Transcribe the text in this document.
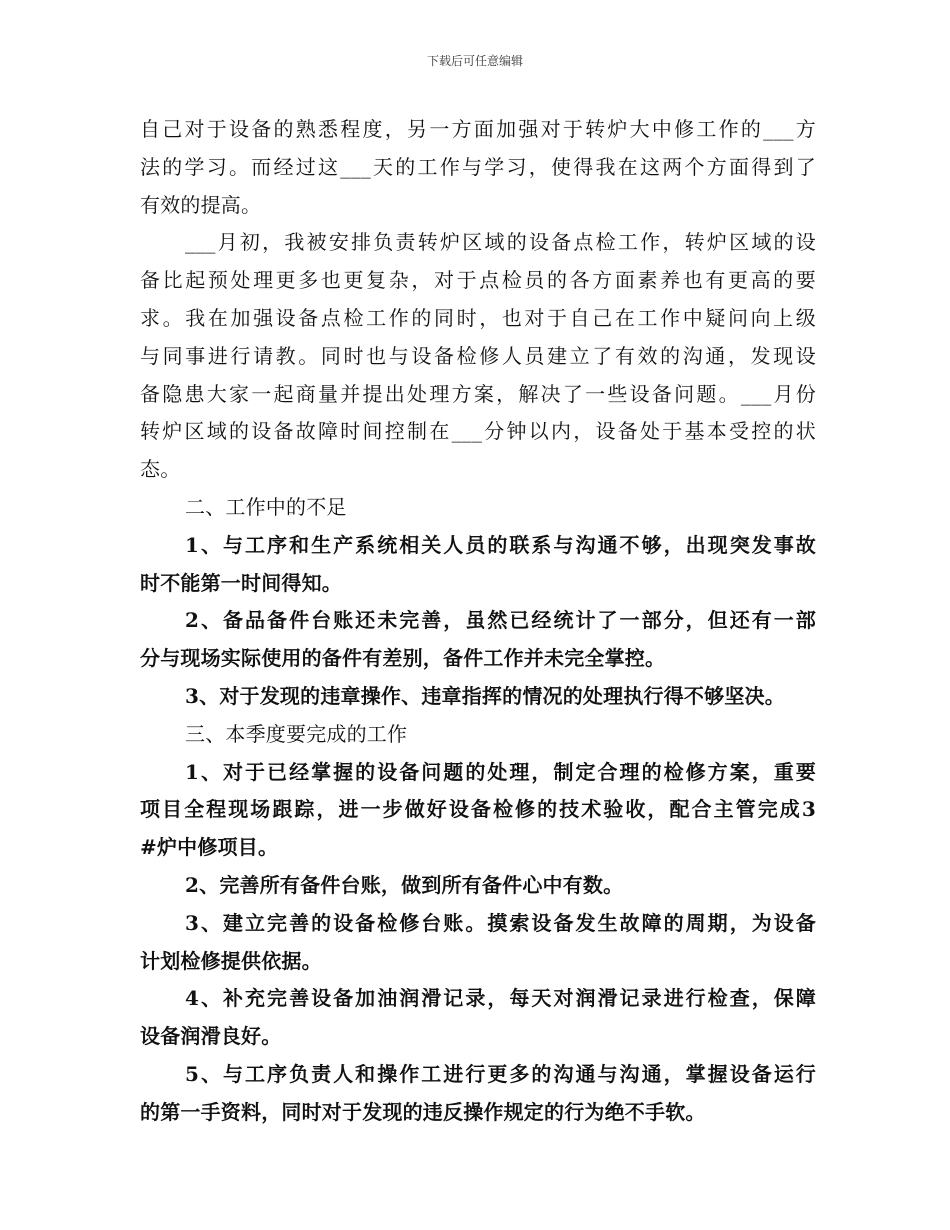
下载后可任意编辑
自己对于设备的熟悉程度，另一方面加强对于转炉大中修工作的___方
法的学习。而经过这___天的工作与学习，使得我在这两个方面得到了
有效的提高。
___月初，我被安排负责转炉区域的设备点检工作，转炉区域的设
备比起预处理更多也更复杂，对于点检员的各方面素养也有更高的要
求。我在加强设备点检工作的同时，也对于自己在工作中疑问向上级
与同事进行请教。同时也与设备检修人员建立了有效的沟通，发现设
备隐患大家一起商量并提出处理方案，解决了一些设备问题。___月份
转炉区域的设备故障时间控制在___分钟以内，设备处于基本受控的状
态。
二、工作中的不足
1、与工序和生产系统相关人员的联系与沟通不够，出现突发事故
时不能第一时间得知。
2、备品备件台账还未完善，虽然已经统计了一部分，但还有一部
分与现场实际使用的备件有差别，备件工作并未完全掌控。
3、对于发现的违章操作、违章指挥的情况的处理执行得不够坚决。
三、本季度要完成的工作
1、对于已经掌握的设备问题的处理，制定合理的检修方案，重要
项目全程现场跟踪，进一步做好设备检修的技术验收，配合主管完成3
#炉中修项目。
2、完善所有备件台账，做到所有备件心中有数。
3、建立完善的设备检修台账。摸索设备发生故障的周期，为设备
计划检修提供依据。
4、补充完善设备加油润滑记录，每天对润滑记录进行检查，保障
设备润滑良好。
5、与工序负责人和操作工进行更多的沟通与沟通，掌握设备运行
的第一手资料，同时对于发现的违反操作规定的行为绝不手软。
